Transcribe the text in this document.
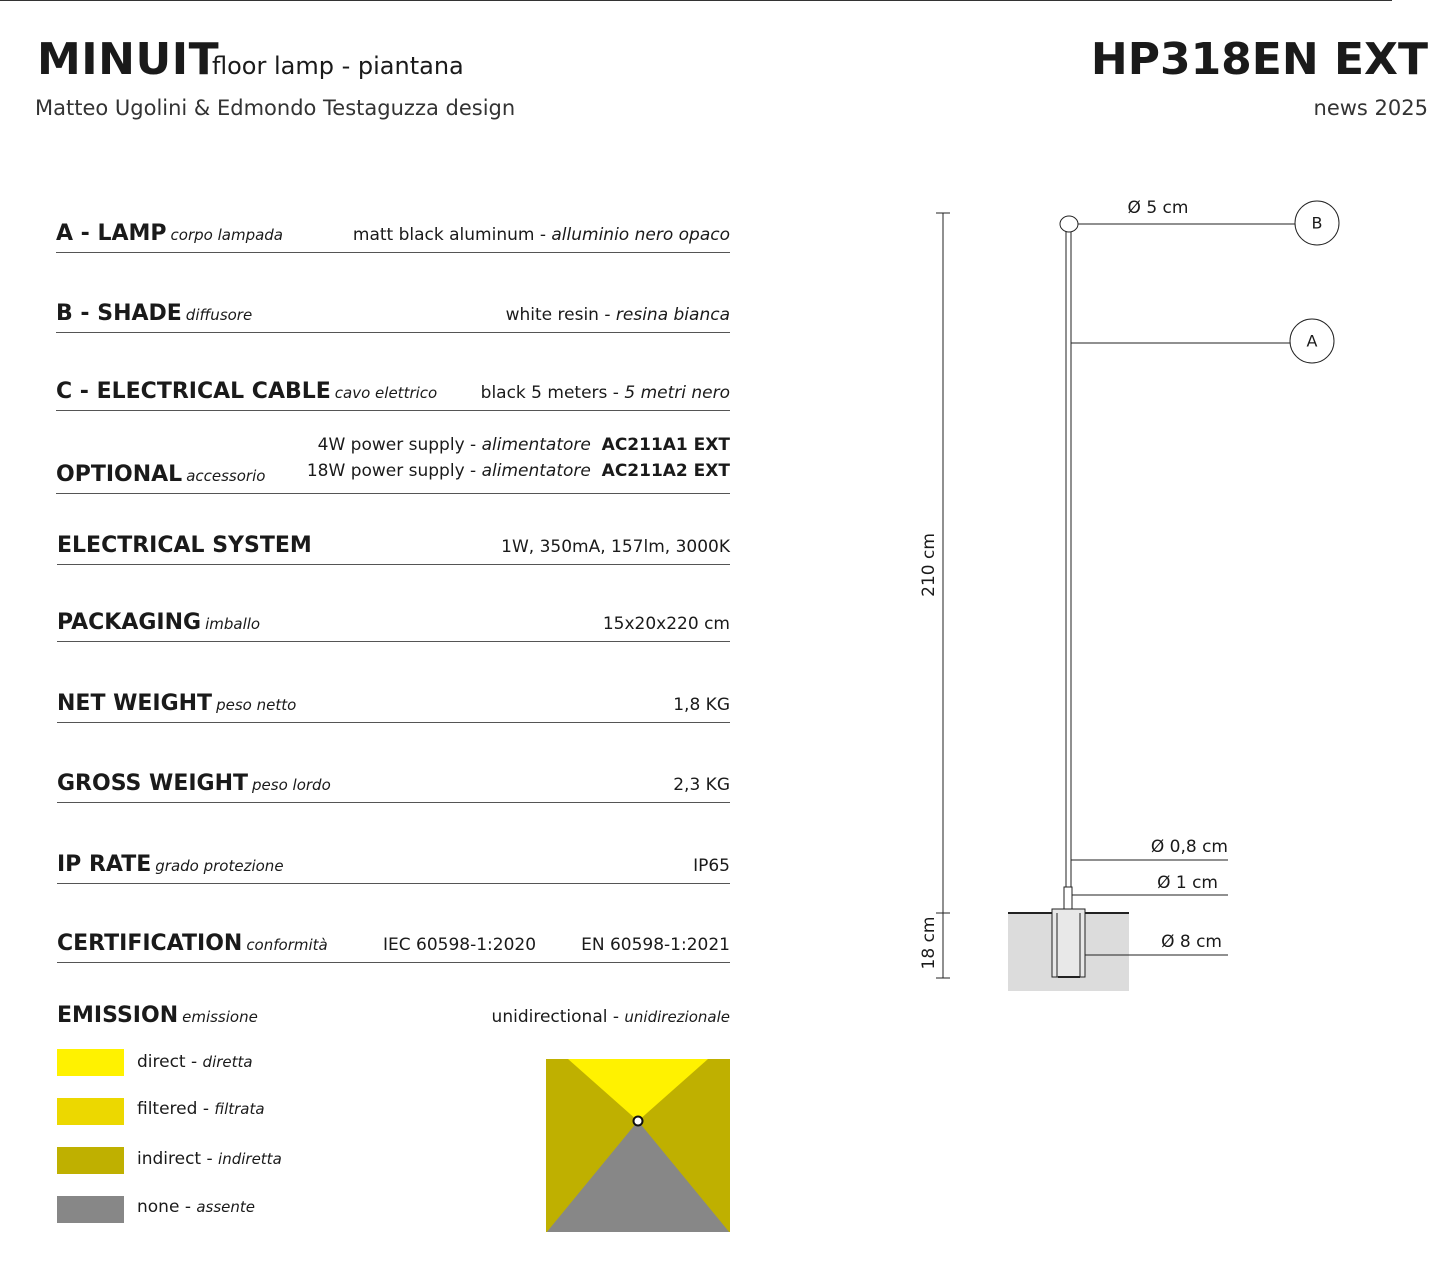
MINUIT
floor lamp - piantana	HP318EN EXT
Matteo Ugolini & Edmondo Testaguzza design	news 2025
A - LAMP corpo lampada	matt black aluminum - alluminio nero opaco
B - SHADE diffusore	white resin - resina bianca
C - ELECTRICAL CABLE cavo elettrico	black 5 meters - 5 metri nero
OPTIONAL accessorio
4W power supply - alimentatore AC211A1 EXT
18W power supply - alimentatore AC211A2 EXT
ELECTRICAL SYSTEM	1W, 350mA, 157lm, 3000K
PACKAGING imballo	15x20x220 cm
NET WEIGHT peso netto	1,8 KG
GROSS WEIGHT peso lordo	2,3 KG
IP RATE grado protezione	IP65
CERTIFICATION conformità	IEC 60598-1:2020	EN 60598-1:2021
EMISSION emissione	unidirectional - unidirezionale
direct - diretta
filtered - filtrata
indirect - indiretta
none - assente
B
A
Ø 5 cm
Ø 0,8 cm
Ø 1 cm
Ø 8 cm
210 cm
18 cm
